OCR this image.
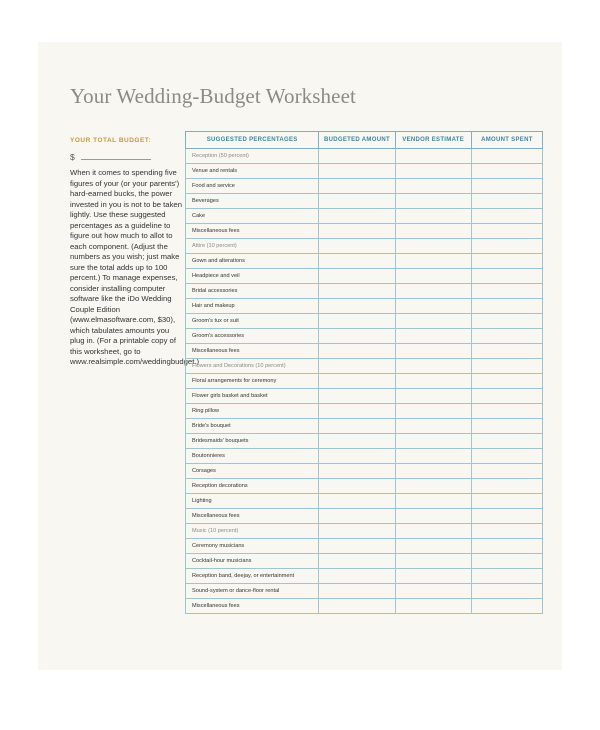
Your Wedding-Budget Worksheet
YOUR TOTAL BUDGET:
$
When it comes to spending five figures of your (or your parents') hard-earned bucks, the power invested in you is not to be taken lightly. Use these suggested percentages as a guideline to figure out how much to allot to each component. (Adjust the numbers as you wish; just make sure the total adds up to 100 percent.) To manage expenses, consider installing computer software like the iDo Wedding Couple Edition (www.elmasoftware.com, $30), which tabulates amounts you plug in. (For a printable copy of this worksheet, go to www.realsimple.com/weddingbudget.)
SUGGESTED PERCENTAGES	BUDGETED AMOUNT	VENDOR ESTIMATE	AMOUNT SPENT
Reception (50 percent)			
Venue and rentals			
Food and service			
Beverages			
Cake			
Miscellaneous fees			
Attire (10 percent)			
Gown and alterations			
Headpiece and veil			
Bridal accessories			
Hair and makeup			
Groom's tux or suit			
Groom's accessories			
Miscellaneous fees			
Flowers and Decorations (10 percent)			
Floral arrangements for ceremony			
Flower girls basket and basket			
Ring pillow			
Bride's bouquet			
Bridesmaids' bouquets			
Boutonnieres			
Corsages			
Reception decorations			
Lighting			
Miscellaneous fees			
Music (10 percent)			
Ceremony musicians			
Cocktail-hour musicians			
Reception band, deejay, or entertainment			
Sound-system or dance-floor rental			
Miscellaneous fees			
